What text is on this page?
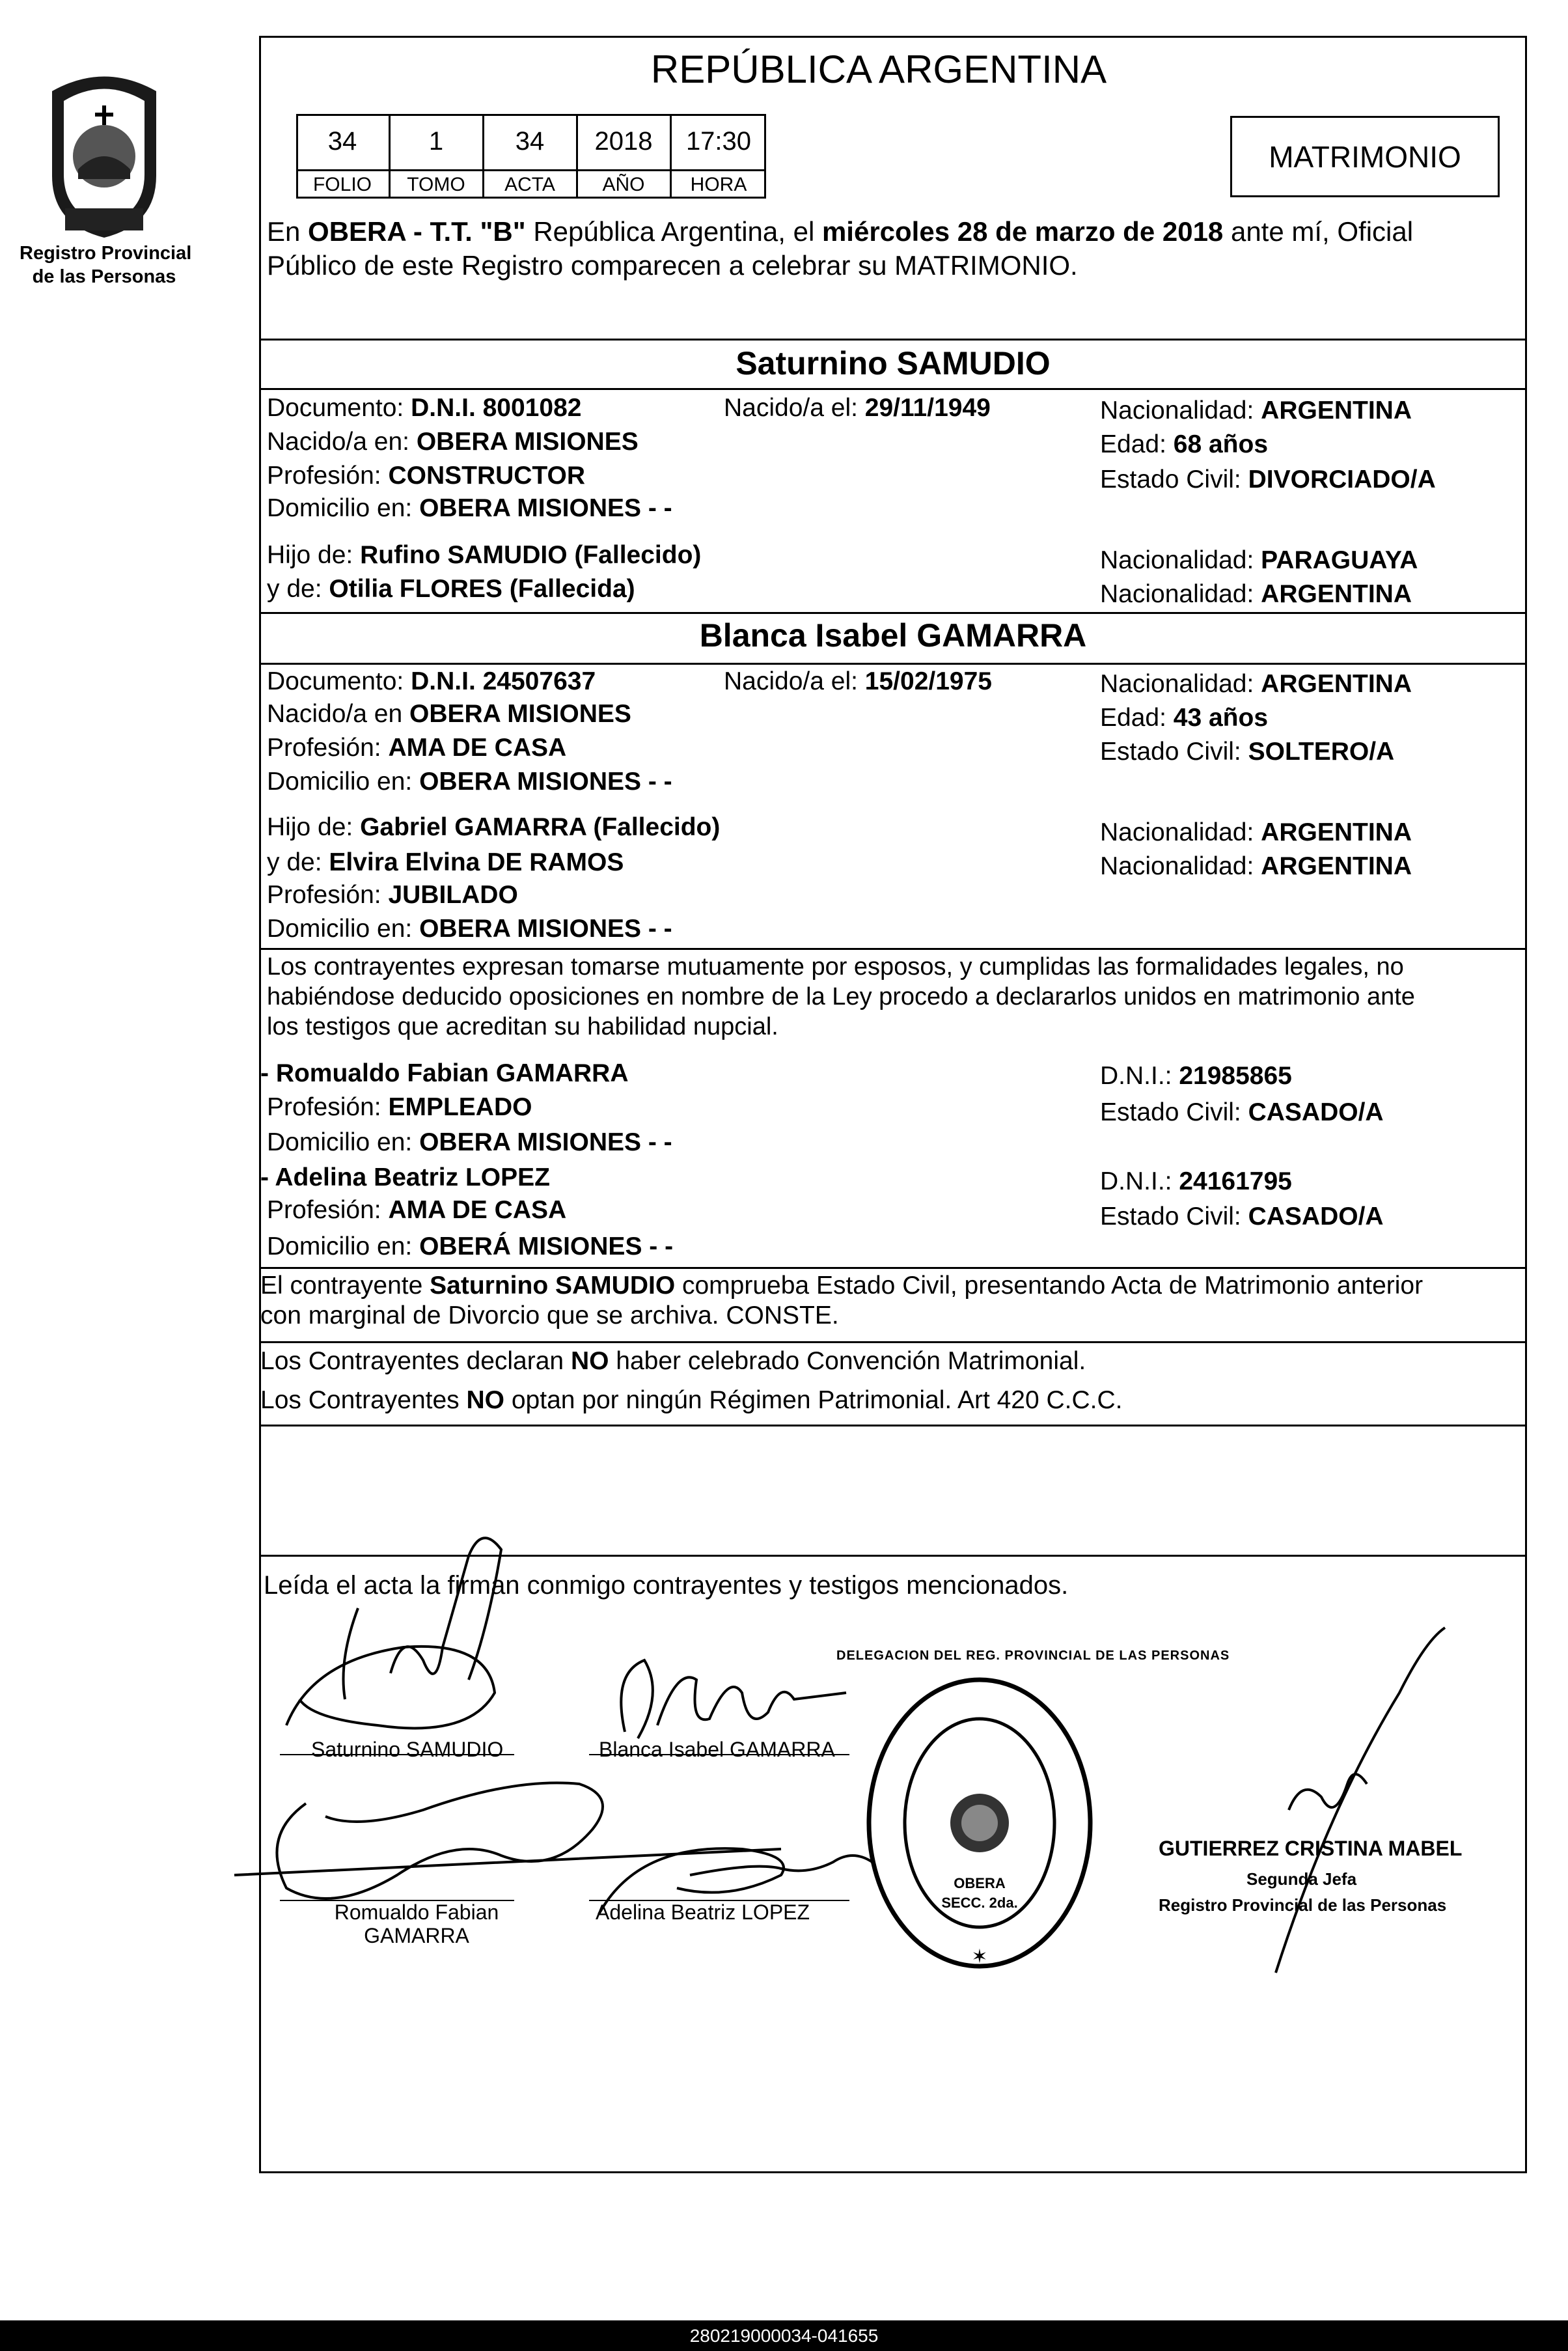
Registro Provincial
de las Personas
REPÚBLICA ARGENTINA
34	1	34	2018	17:30
FOLIO	TOMO	ACTA	AÑO	HORA
MATRIMONIO
En OBERA - T.T. "B" República Argentina, el miércoles 28 de marzo de 2018 ante mí, Oficial
Público de este Registro comparecen a celebrar su MATRIMONIO.
Saturnino SAMUDIO
Documento: D.N.I. 8001082	Nacido/a el: 29/11/1949	Nacionalidad: ARGENTINA
Nacido/a en: OBERA MISIONES	Edad: 68 años
Profesión: CONSTRUCTOR	Estado Civil: DIVORCIADO/A
Domicilio en: OBERA MISIONES - -
Hijo de: Rufino SAMUDIO (Fallecido)	Nacionalidad: PARAGUAYA
y de: Otilia FLORES (Fallecida)	Nacionalidad: ARGENTINA
Blanca Isabel GAMARRA
Documento: D.N.I. 24507637	Nacido/a el: 15/02/1975	Nacionalidad: ARGENTINA
Nacido/a en OBERA MISIONES	Edad: 43 años
Profesión: AMA DE CASA	Estado Civil: SOLTERO/A
Domicilio en: OBERA MISIONES - -
Hijo de: Gabriel GAMARRA (Fallecido)	Nacionalidad: ARGENTINA
y de: Elvira Elvina DE RAMOS	Nacionalidad: ARGENTINA
Profesión: JUBILADO
Domicilio en: OBERA MISIONES - -
Los contrayentes expresan tomarse mutuamente por esposos, y cumplidas las formalidades legales, no
habiéndose deducido oposiciones en nombre de la Ley procedo a declararlos unidos en matrimonio ante
los testigos que acreditan su habilidad nupcial.
- Romualdo Fabian GAMARRA	D.N.I.: 21985865
Profesión: EMPLEADO	Estado Civil: CASADO/A
Domicilio en: OBERA MISIONES - -
- Adelina Beatriz LOPEZ	D.N.I.: 24161795
Profesión: AMA DE CASA	Estado Civil: CASADO/A
Domicilio en: OBERÁ MISIONES - -
El contrayente Saturnino SAMUDIO comprueba Estado Civil, presentando Acta de Matrimonio anterior
con marginal de Divorcio que se archiva. CONSTE.
Los Contrayentes declaran NO haber celebrado Convención Matrimonial.
Los Contrayentes NO optan por ningún Régimen Patrimonial. Art 420 C.C.C.
Leída el acta la firman conmigo contrayentes y testigos mencionados.
Saturnino SAMUDIO	Blanca Isabel GAMARRA
Romualdo Fabian
GAMARRA
Adelina Beatriz LOPEZ
✶
DELEGACION DEL REG. PROVINCIAL DE LAS PERSONAS
OBERA
SECC. 2da.
GUTIERREZ CRISTINA MABEL
Segunda Jefa
Registro Provincial de las Personas
280219000034-041655
